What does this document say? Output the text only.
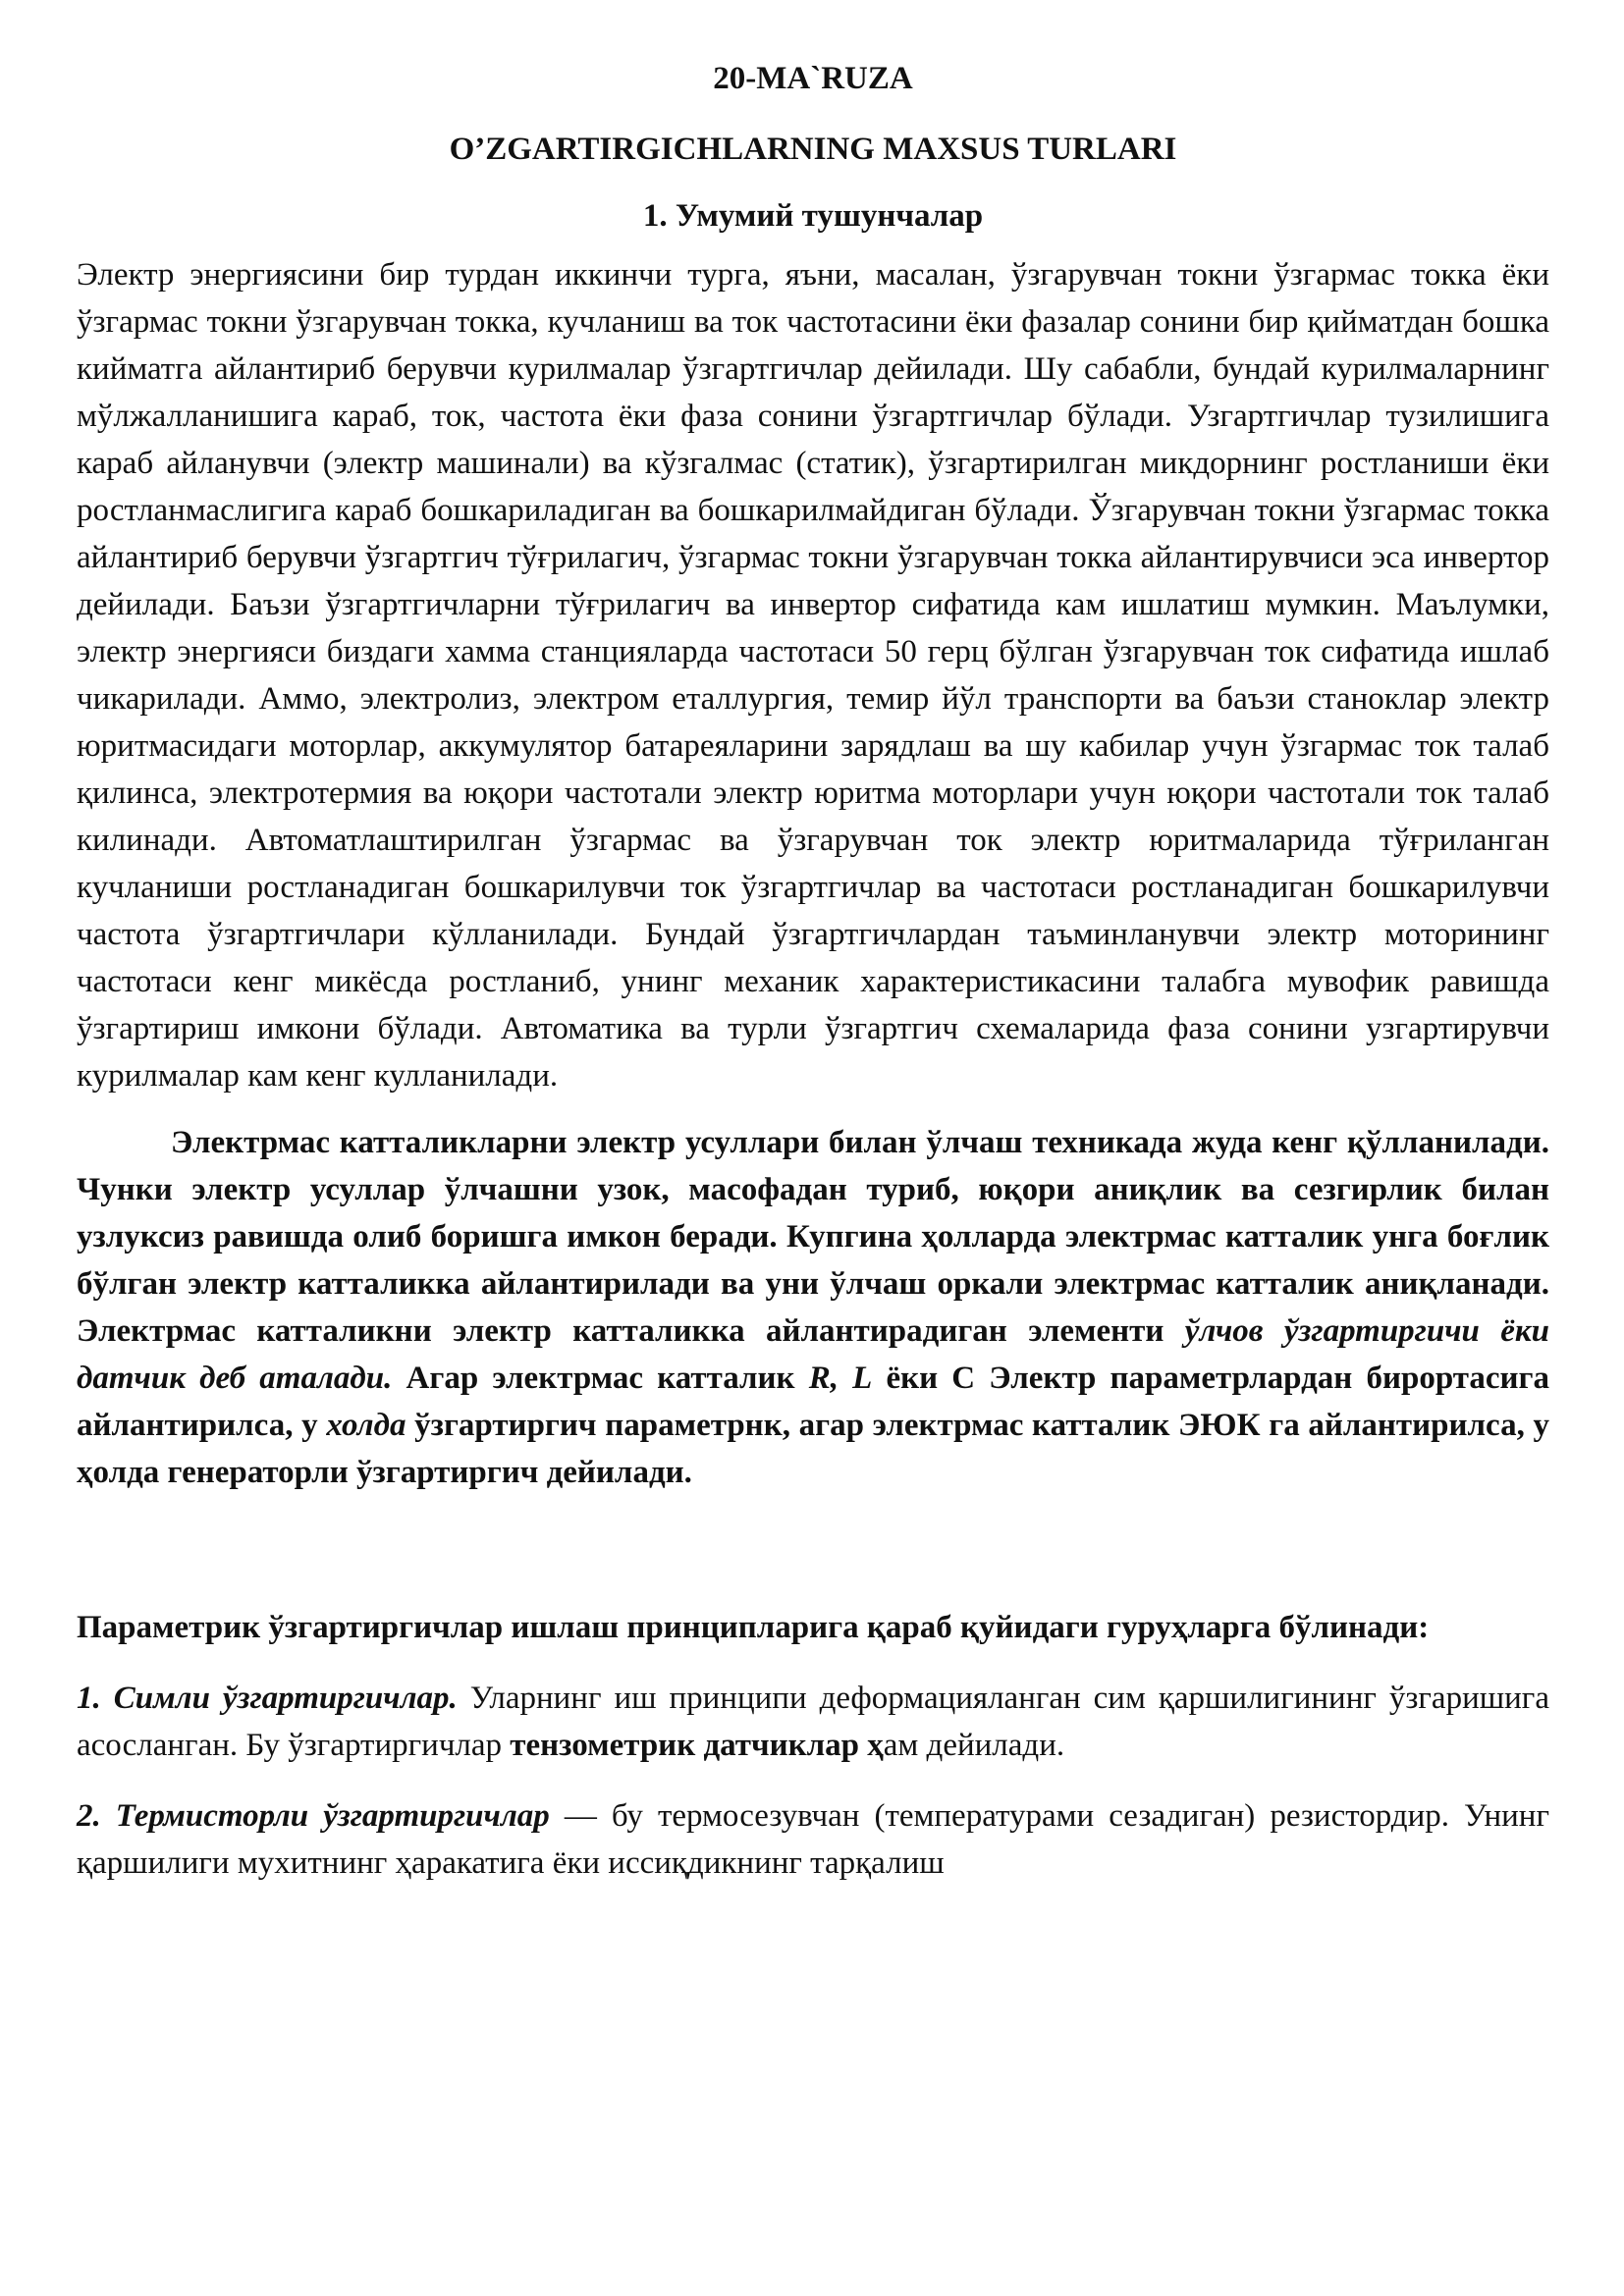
20-MA`RUZA
O’ZGARTIRGICHLARNING MAXSUS TURLARI
1. Умумий тушунчалар

Электр энергиясини бир турдан иккинчи турга, яъни, масалан, ўзгарувчан токни ўзгармас токка ёки ўзгармас токни ўзгарувчан токка, кучланиш ва ток частотасини ёки фазалар сонини бир қийматдан бошка кийматга айлантириб берувчи курилмалар ўзгартгичлар дейилади. Шу сабабли, бундай курилмаларнинг мўлжалланишига караб, ток, частота ёки фаза сонини ўзгартгичлар бўлади. Узгартгичлар тузилишига караб айланувчи (электр машинали) ва кўзгалмас (статик), ўзгартирилган микдорнинг ростланиши ёки ростланмаслигига караб бошкариладиган ва бошкарилмайдиган бўлади. Ўзгарувчан токни ўзгармас токка айлантириб берувчи ўзгартгич тўғрилагич, ўзгармас токни ўзгарувчан токка айлантирувчиси эса инвертор дейилади. Баъзи ўзгартгичларни тўғрилагич ва инвертор сифатида кам ишлатиш мумкин. Маълумки, электр энергияси биздаги хамма станцияларда частотаси 50 герц бўлган ўзгарувчан ток сифатида ишлаб чикарилади. Аммо, электролиз, электром еталлургия, темир йўл транспорти ва баъзи станоклар электр юритмасидаги моторлар, аккумулятор батареяларини зарядлаш ва шу кабилар учун ўзгармас ток талаб қилинса, электротермия ва юқори частотали электр юритма моторлари учун юқори частотали ток талаб килинади. Автоматлаштирилган ўзгармас ва ўзгарувчан ток электр юритмаларида тўғриланган кучланиши ростланадиган бошкарилувчи ток ўзгартгичлар ва частотаси ростланадиган бошкарилувчи частота ўзгартгичлари кўлланилади. Бундай ўзгартгичлардан таъминланувчи электр моторининг частотаси кенг микёсда ростланиб, унинг механик характеристикасини талабга мувофик равишда ўзгартириш имкони бўлади. Автоматика ва турли ўзгартгич схемаларида фаза сонини узгартирувчи курилмалар кам кенг кулланилади.

Электрмас катталикларни электр усуллари билан ўлчаш техникада жуда кенг қўлланилади. Чунки электр усуллар ўлчашни узок, масофадан туриб, юқори аниқлик ва сезгирлик билан узлуксиз равишда олиб боришга имкон беради. Купгина ҳолларда электрмас катталик унга боғлик бўлган электр катталикка айлантирилади ва уни ўлчаш оркали электрмас катталик аниқланади. Электрмас катталикни электр катталикка айлантирадиган элементи ўлчов ўзгартиргичи ёки датчик деб аталади. Агар электрмас катталик R, L ёки С Электр параметрлардан бирортасига айлантирилса, у холда ўзгартиргич параметрнк, агар электрмас катталик ЭЮК га айлантирилса, у ҳолда генераторли ўзгартиргич дейилади.

Параметрик ўзгартиргичлар ишлаш принципларига қараб қуйидаги гуруҳларга бўлинади:

1. Симли ўзгартиргичлар. Уларнинг иш принципи деформацияланган сим қаршилигининг ўзгаришига асосланган. Бу ўзгартиргичлар тензометрик датчиклар ҳам дейилади.

2. Термисторли ўзгартиргичлар — бу термосезувчан (температурами сезадиган) резистордир. Унинг қаршилиги мухитнинг ҳаракатига ёки иссиқдикнинг тарқалиш
